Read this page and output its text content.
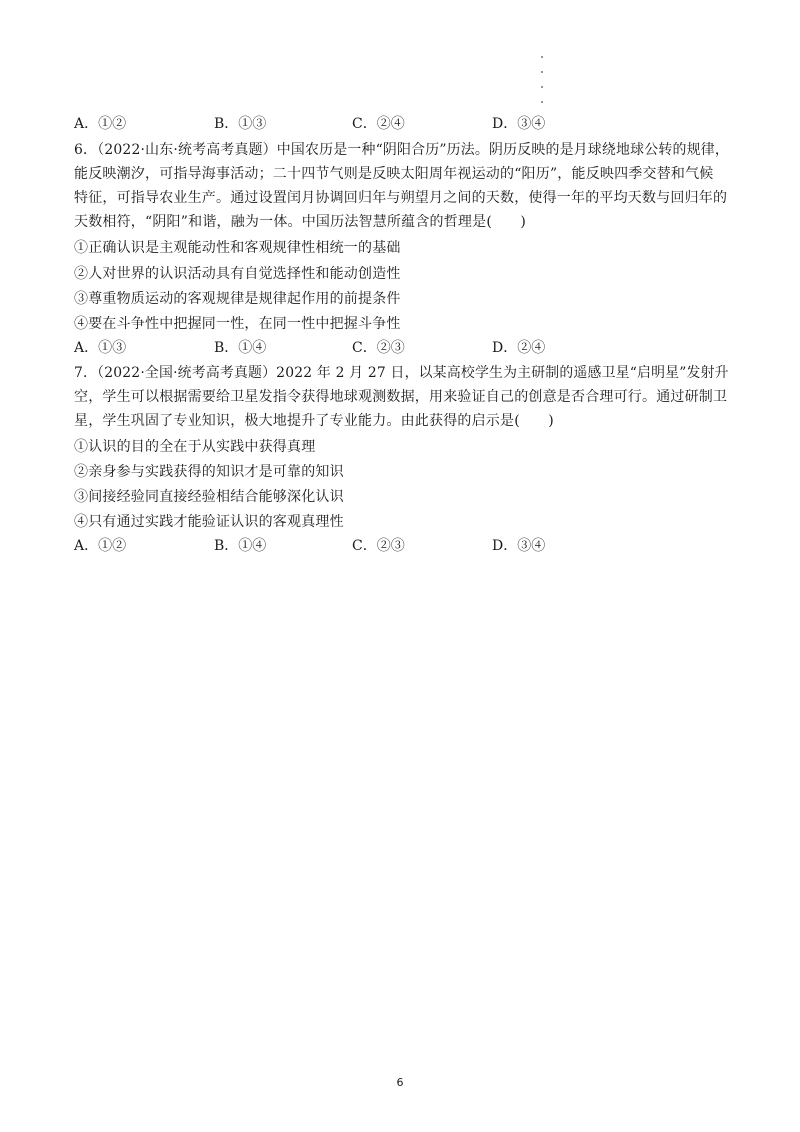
A．①②	B．①③	C．②④	D．③④
6．（2022·山东·统考高考真题）中国农历是一种“阴阳合历”历法。阴历反映的是月球绕地球公转的规律，
能反映潮汐，可指导海事活动；二十四节气则是反映太阳周年视运动的“阳历”，能反映四季交替和气候
特征，可指导农业生产。通过设置闰月协调回归年与朔望月之间的天数，使得一年的平均天数与回归年的
天数相符，“阴阳”和谐，融为一体。中国历法智慧所蕴含的哲理是(　　)
①正确认识是主观能动性和客观规律性相统一的基础
②人对世界的认识活动具有自觉选择性和能动创造性
③尊重物质运动的客观规律是规律起作用的前提条件
④要在斗争性中把握同一性，在同一性中把握斗争性
A．①③	B．①④	C．②③	D．②④
7．（2022·全国·统考高考真题）2022 年 2 月 27 日，以某高校学生为主研制的遥感卫星“启明星”发射升
空，学生可以根据需要给卫星发指令获得地球观测数据，用来验证自己的创意是否合理可行。通过研制卫
星，学生巩固了专业知识，极大地提升了专业能力。由此获得的启示是(　　)
①认识的目的全在于从实践中获得真理
②亲身参与实践获得的知识才是可靠的知识
③间接经验同直接经验相结合能够深化认识
④只有通过实践才能验证认识的客观真理性
A．①②	B．①④	C．②③	D．③④
6
